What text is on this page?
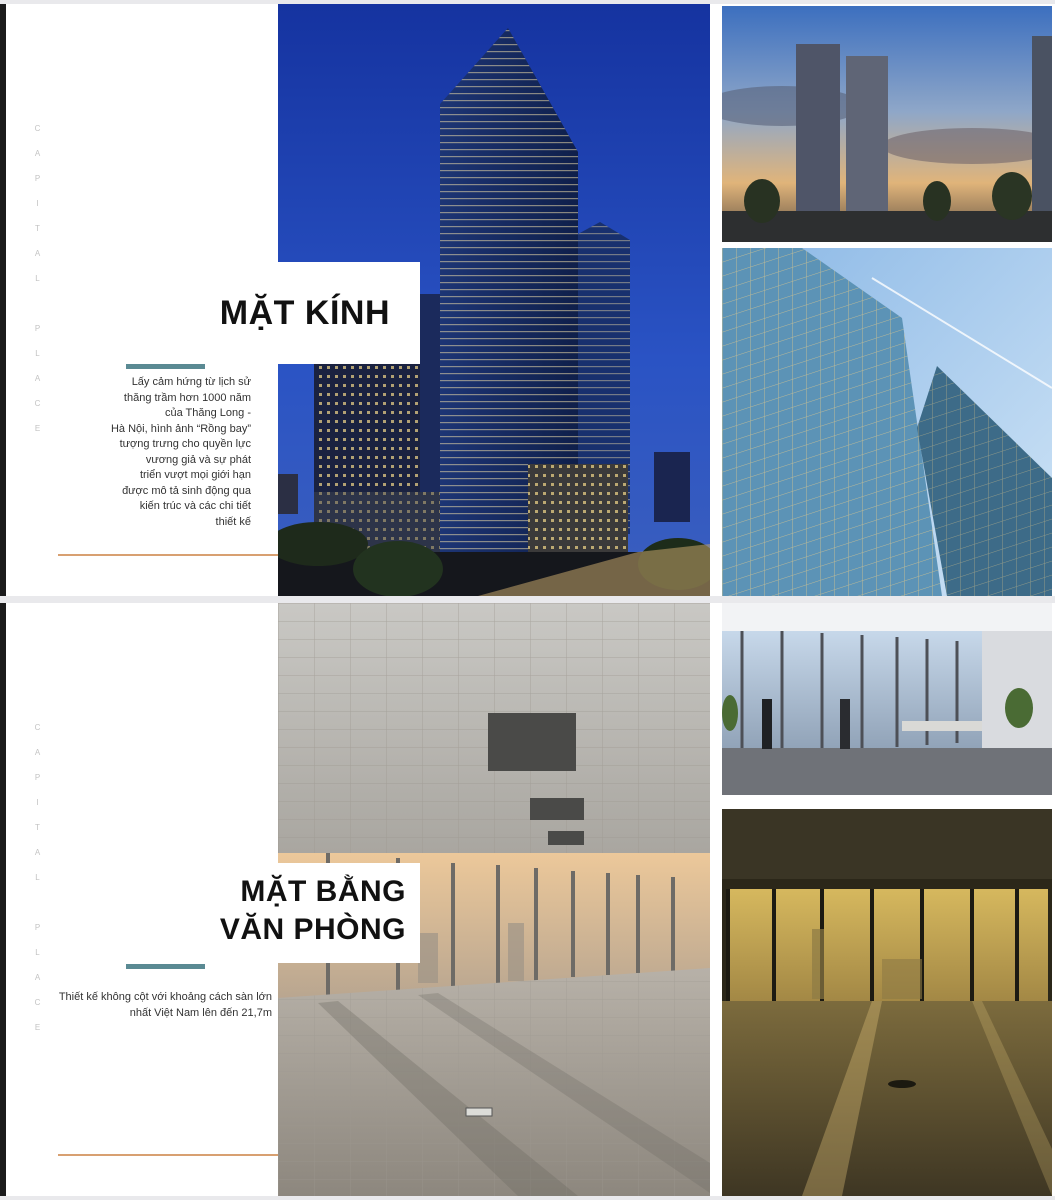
C
A
P
I
T
A
L
P
L
A
C
E
MẶT KÍNH
Lấy cảm hứng từ lịch sử
thăng trầm hơn 1000 năm
của Thăng Long -
Hà Nội, hình ảnh “Rồng bay”
tượng trưng cho quyền lực
vương giả và sự phát
triển vượt mọi giới hạn
được mô tả sinh động qua
kiến trúc và các chi tiết
thiết kế
C
A
P
I
T
A
L
P
L
A
C
E
MẶT BẰNG
VĂN PHÒNG
Thiết kế không cột với khoảng cách sàn lớn
nhất Việt Nam lên đến 21,7m
